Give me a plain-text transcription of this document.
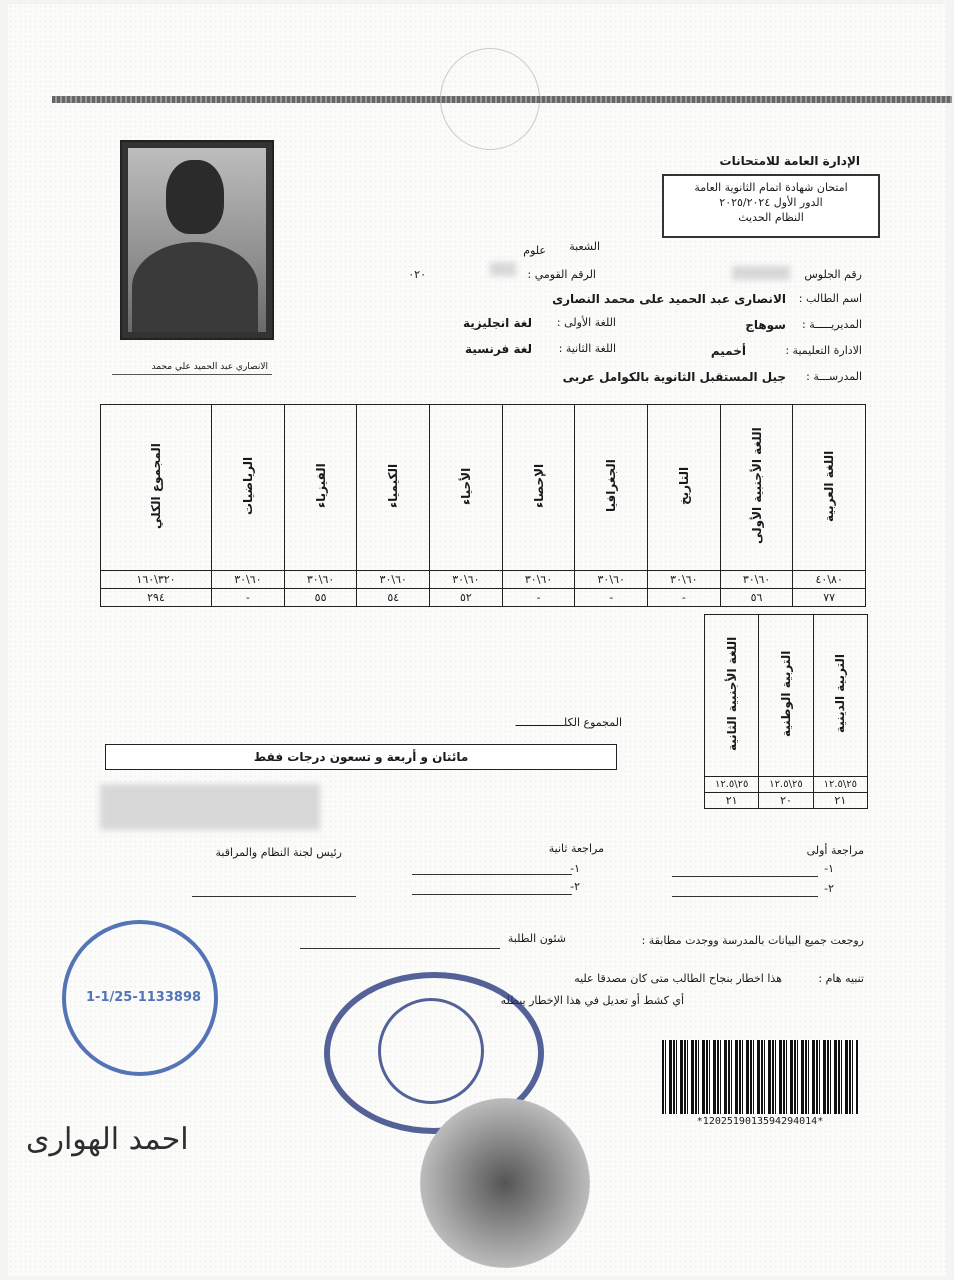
الإدارة العامة للامتحانات
امتحان شهادة اتمام الثانوية العامة
الدور الأول ٢٠٢٥/٢٠٢٤
النظام الحديث
الانصاري عبد الحميد علي محمد
الشعبة
علوم
رقم الجلوس
الرقم القومي :
٠٢٠
اسم الطالب :
الانصارى عبد الحميد على محمد النصارى
المديريـــــة :
سوهاج
اللغة الأولى :
لغة انجليزية
الادارة التعليمية :
أخميم
اللغة الثانية :
لغة فرنسية
المدرســـة :
جيل المستقبل الثانوية بالكوامل عربى
اللغة العربية	اللغة الأجنبية الأولى	التاريخ	الجغرافيا	الإحصاء	الأحياء	الكيمياء	الفيزياء	الرياضيات	المجموع الكلي
٨٠\٤٠	٦٠\٣٠	٦٠\٣٠	٦٠\٣٠	٦٠\٣٠	٦٠\٣٠	٦٠\٣٠	٦٠\٣٠	٦٠\٣٠	٣٢٠\١٦٠
٧٧	٥٦	-	-	-	٥٢	٥٤	٥٥	-	٢٩٤
التربية الدينية	التربية الوطنية	اللغة الأجنبية الثانية
٢٥\١٢.٥	٢٥\١٢.٥	٢٥\١٢.٥
٢١	٢٠	٢١
المجموع الكلـــــــــــــــ
مائتان و أربعة و تسعون درجات فقط
مراجعة أولى
مراجعة ثانية
رئيس لجنة النظام والمراقبة
١-
٢-
١-
٢-
روجعت جميع البيانات بالمدرسة ووجدت مطابقة :
شئون الطلبة
تنبيه هام :
هذا اخطار بنجاح الطالب متى كان مصدقا عليه
أي كشط أو تعديل في هذا الإخطار يبطله
1-1/25-1133898
*1202519013594294014*
احمد الهوارى
